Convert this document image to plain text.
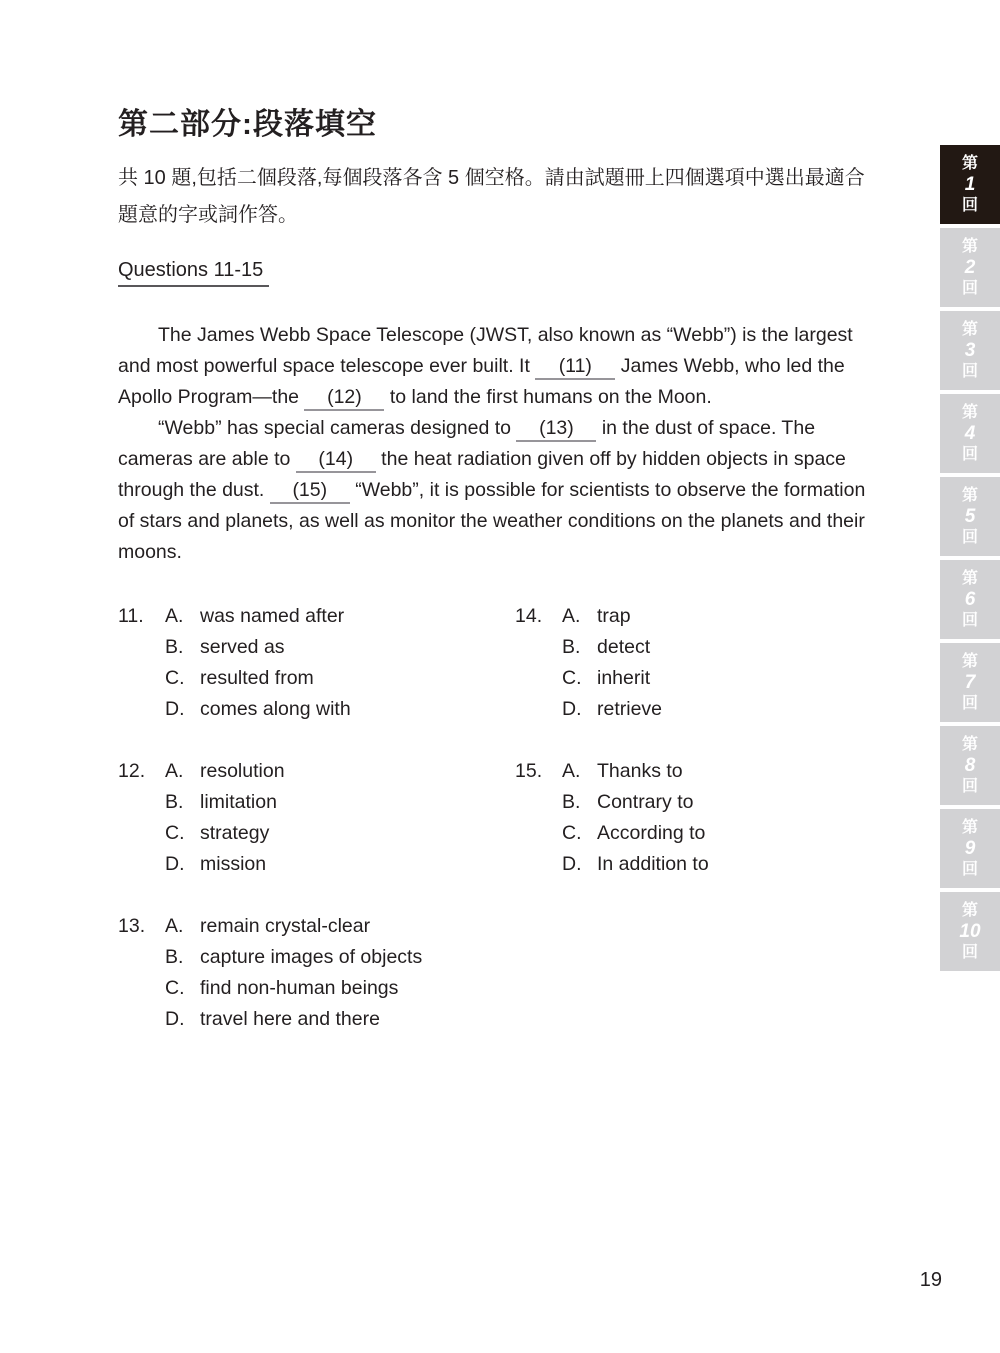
第二部分:段落填空

共 10 題,包括二個段落,每個段落各含 5 個空格。請由試題冊上四個選項中選出最適合題意的字或詞作答。

Questions 11-15

The James Webb Space Telescope (JWST, also known as “Webb”) is the largest and most powerful space telescope ever built. It (11) James Webb, who led the Apollo Program—the (12) to land the first humans on the Moon.

“Webb” has special cameras designed to (13) in the dust of space. The cameras are able to (14) the heat radiation given off by hidden objects in space through the dust. (15) “Webb”, it is possible for scientists to observe the formation of stars and planets, as well as monitor the weather conditions on the planets and their moons.

11.	A. was named after
B. served as
C. resulted from
D. comes along with
14.	A. trap
B. detect
C. inherit
D. retrieve
12.	A. resolution
B. limitation
C. strategy
D. mission
15.	A. Thanks to
B. Contrary to
C. According to
D. In addition to
13.	A. remain crystal-clear
B. capture images of objects
C. find non-human beings
D. travel here and there
第
1
回
第
2
回
第
3
回
第
4
回
第
5
回
第
6
回
第
7
回
第
8
回
第
9
回
第
10
回
19
